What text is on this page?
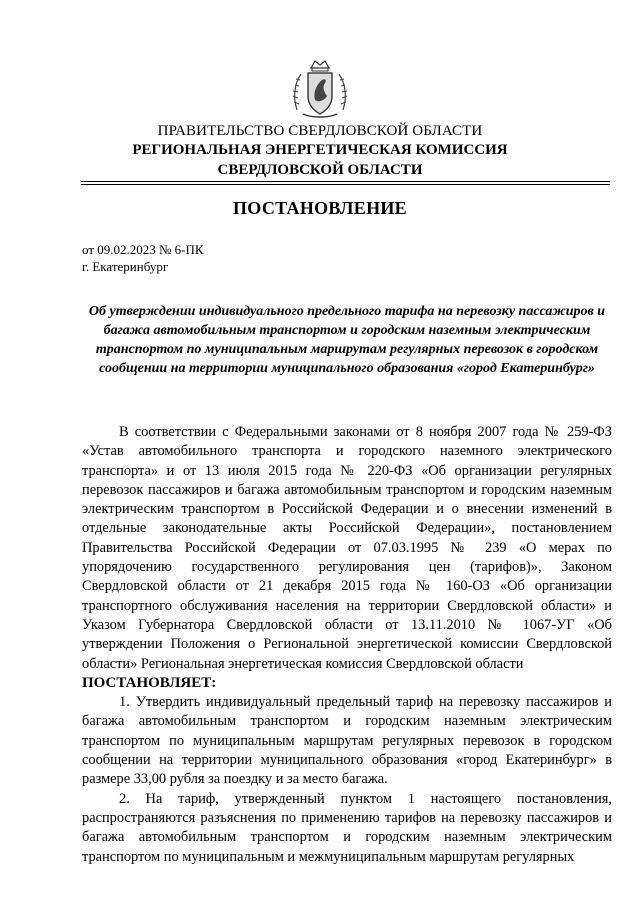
ПРАВИТЕЛЬСТВО СВЕРДЛОВСКОЙ ОБЛАСТИ
РЕГИОНАЛЬНАЯ ЭНЕРГЕТИЧЕСКАЯ КОМИССИЯ
СВЕРДЛОВСКОЙ ОБЛАСТИ
ПОСТАНОВЛЕНИЕ
от 09.02.2023 № 6-ПК
г. Екатеринбург
Об утверждении индивидуального предельного тарифа на перевозку пассажиров и багажа автомобильным транспортом и городским наземным электрическим транспортом по муниципальным маршрутам регулярных перевозок в городском сообщении на территории муниципального образования «город Екатеринбург»

В соответствии с Федеральными законами от 8 ноября 2007 года № 259-ФЗ «Устав автомобильного транспорта и городского наземного электрического транспорта» и от 13 июля 2015 года № 220-ФЗ «Об организации регулярных перевозок пассажиров и багажа автомобильным транспортом и городским наземным электрическим транспортом в Российской Федерации и о внесении изменений в отдельные законодательные акты Российской Федерации», постановлением Правительства Российской Федерации от 07.03.1995 № 239 «О мерах по упорядочению государственного регулирования цен (тарифов)», Законом Свердловской области от 21 декабря 2015 года № 160-ОЗ «Об организации транспортного обслуживания населения на территории Свердловской области» и Указом Губернатора Свердловской области от 13.11.2010 № 1067-УГ «Об утверждении Положения о Региональной энергетической комиссии Свердловской области» Региональная энергетическая комиссия Свердловской области

ПОСТАНОВЛЯЕТ:

1. Утвердить индивидуальный предельный тариф на перевозку пассажиров и багажа автомобильным транспортом и городским наземным электрическим транспортом по муниципальным маршрутам регулярных перевозок в городском сообщении на территории муниципального образования «город Екатеринбург» в размере 33,00 рубля за поездку и за место багажа.

2. На тариф, утвержденный пунктом 1 настоящего постановления, распространяются разъяснения по применению тарифов на перевозку пассажиров и багажа автомобильным транспортом и городским наземным электрическим транспортом по муниципальным и межмуниципальным маршрутам регулярных
